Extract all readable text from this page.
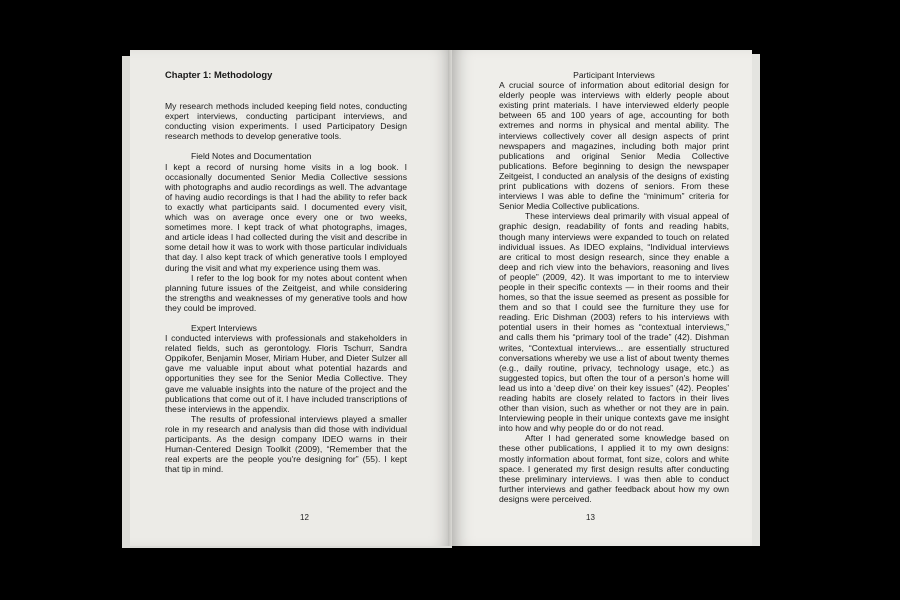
Chapter 1: Methodology

My research methods included keeping field notes, conducting expert interviews, conducting participant interviews, and conducting vision experiments. I used Participatory Design research methods to develop generative tools.

Field Notes and Documentation

I kept a record of nursing home visits in a log book. I occasionally documented Senior Media Collective sessions with photographs and audio recordings as well. The advantage of having audio recordings is that I had the ability to refer back to exactly what participants said. I documented every visit, which was on average once every one or two weeks, sometimes more. I kept track of what photographs, images, and article ideas I had collected during the visit and describe in some detail how it was to work with those particular individuals that day. I also kept track of which generative tools I employed during the visit and what my experience using them was.

I refer to the log book for my notes about content when planning future issues of the Zeitgeist, and while considering the strengths and weaknesses of my generative tools and how they could be improved.

Expert Interviews

I conducted interviews with professionals and stakeholders in related fields, such as gerontology. Floris Tschurr, Sandra Oppikofer, Benjamin Moser, Miriam Huber, and Dieter Sulzer all gave me valuable input about what potential hazards and opportunities they see for the Senior Media Collective. They gave me valuable insights into the nature of the project and the publications that come out of it. I have included transcriptions of these interviews in the appendix.

The results of professional interviews played a smaller role in my research and analysis than did those with individual participants. As the design company IDEO warns in their Human-Centered Design Toolkit (2009), “Remember that the real experts are the people you're designing for” (55). I kept that tip in mind.

12

Participant Interviews

A crucial source of information about editorial design for elderly people was interviews with elderly people about existing print materials. I have interviewed elderly people between 65 and 100 years of age, accounting for both extremes and norms in physical and mental ability. The interviews collectively cover all design aspects of print newspapers and magazines, including both major print publications and original Senior Media Collective publications. Before beginning to design the newspaper Zeitgeist, I conducted an analysis of the designs of existing print publications with dozens of seniors. From these interviews I was able to define the “minimum” criteria for Senior Media Collective publications.

These interviews deal primarily with visual appeal of graphic design, readability of fonts and reading habits, though many interviews were expanded to touch on related individual issues. As IDEO explains, “Individual interviews are critical to most design research, since they enable a deep and rich view into the behaviors, reasoning and lives of people” (2009, 42). It was important to me to interview people in their specific contexts — in their rooms and their homes, so that the issue seemed as present as possible for them and so that I could see the furniture they use for reading. Eric Dishman (2003) refers to his interviews with potential users in their homes as “contextual interviews,” and calls them his “primary tool of the trade” (42). Dishman writes, “Contextual interviews... are essentially structured conversations whereby we use a list of about twenty themes (e.g., daily routine, privacy, technology usage, etc.) as suggested topics, but often the tour of a person's home will lead us into a ‘deep dive’ on their key issues” (42). Peoples' reading habits are closely related to factors in their lives other than vision, such as whether or not they are in pain. Interviewing people in their unique contexts gave me insight into how and why people do or do not read.

After I had generated some knowledge based on these other publications, I applied it to my own designs: mostly information about format, font size, colors and white space. I generated my first design results after conducting these preliminary interviews. I was then able to conduct further interviews and gather feedback about how my own designs were perceived.

13
